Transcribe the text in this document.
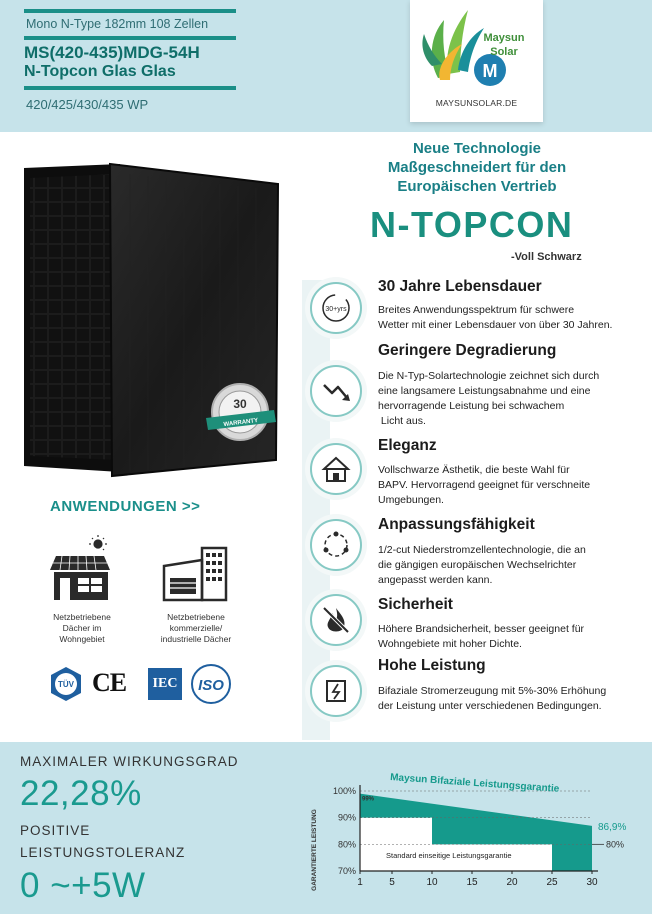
Mono N-Type 182mm 108 Zellen
MS(420-435)MDG-54H
N-Topcon Glas Glas
420/425/430/435 WP
M
Maysun
Solar
MAYSUNSOLAR.DE
Neue Technologie
Maßgeschneidert für den
Europäischen Vertrieb
N-TOPCON
-Voll Schwarz
30
WARRANTY
30+yrs
30 Jahre Lebensdauer
Breites Anwendungsspektrum für schwere
Wetter mit einer Lebensdauer von über 30 Jahren.
Geringere Degradierung
Die N-Typ-Solartechnologie zeichnet sich durch
eine langsamere Leistungsabnahme und eine
hervorragende Leistung bei schwachem
Licht aus.
Eleganz
Vollschwarze Ästhetik, die beste Wahl für
BAPV. Hervorragend geeignet für verschneite
Umgebungen.
Anpassungsfähigkeit
1/2-cut Niederstromzellentechnologie, die an
die gängigen europäischen Wechselrichter
angepasst werden kann.
Sicherheit
Höhere Brandsicherheit, besser geeignet für
Wohngebiete mit hoher Dichte.
Hohe Leistung
Bifaziale Stromerzeugung mit 5%-30% Erhöhung
der Leistung unter verschiedenen Bedingungen.
ANWENDUNGEN >>
Netzbetriebene
Dächer im
Wohngebiet
Netzbetriebene
kommerzielle/
industrielle Dächer
TÜV CE	IEC	ISO
MAXIMALER WIRKUNGSGRAD
22,28%
POSITIVE
LEISTUNGSTOLERANZ
0 ~+5W
100%
90%
80%
70%
1	5	10	15	20	25	30
Maysun Bifaziale Leistungsgarantie
GARANTIERTE LEISTUNG	Standard einseitige Leistungsgarantie
99%
86,9%
80%
